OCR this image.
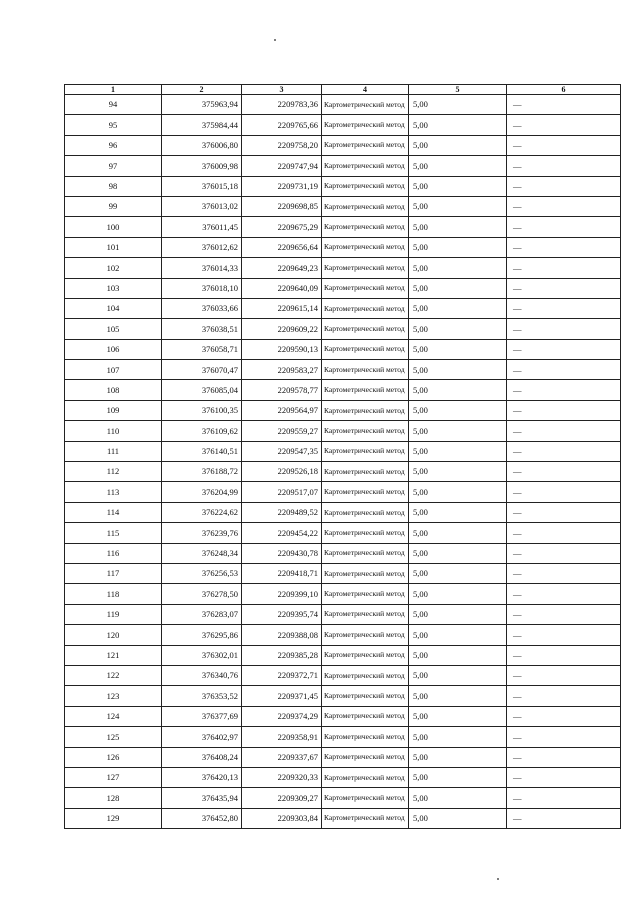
1	2	3	4	5	6
94	375963,94	2209783,36	Картометрический метод	5,00	—
95	375984,44	2209765,66	Картометрический метод	5,00	—
96	376006,80	2209758,20	Картометрический метод	5,00	—
97	376009,98	2209747,94	Картометрический метод	5,00	—
98	376015,18	2209731,19	Картометрический метод	5,00	—
99	376013,02	2209698,85	Картометрический метод	5,00	—
100	376011,45	2209675,29	Картометрический метод	5,00	—
101	376012,62	2209656,64	Картометрический метод	5,00	—
102	376014,33	2209649,23	Картометрический метод	5,00	—
103	376018,10	2209640,09	Картометрический метод	5,00	—
104	376033,66	2209615,14	Картометрический метод	5,00	—
105	376038,51	2209609,22	Картометрический метод	5,00	—
106	376058,71	2209590,13	Картометрический метод	5,00	—
107	376070,47	2209583,27	Картометрический метод	5,00	—
108	376085,04	2209578,77	Картометрический метод	5,00	—
109	376100,35	2209564,97	Картометрический метод	5,00	—
110	376109,62	2209559,27	Картометрический метод	5,00	—
111	376140,51	2209547,35	Картометрический метод	5,00	—
112	376188,72	2209526,18	Картометрический метод	5,00	—
113	376204,99	2209517,07	Картометрический метод	5,00	—
114	376224,62	2209489,52	Картометрический метод	5,00	—
115	376239,76	2209454,22	Картометрический метод	5,00	—
116	376248,34	2209430,78	Картометрический метод	5,00	—
117	376256,53	2209418,71	Картометрический метод	5,00	—
118	376278,50	2209399,10	Картометрический метод	5,00	—
119	376283,07	2209395,74	Картометрический метод	5,00	—
120	376295,86	2209388,08	Картометрический метод	5,00	—
121	376302,01	2209385,28	Картометрический метод	5,00	—
122	376340,76	2209372,71	Картометрический метод	5,00	—
123	376353,52	2209371,45	Картометрический метод	5,00	—
124	376377,69	2209374,29	Картометрический метод	5,00	—
125	376402,97	2209358,91	Картометрический метод	5,00	—
126	376408,24	2209337,67	Картометрический метод	5,00	—
127	376420,13	2209320,33	Картометрический метод	5,00	—
128	376435,94	2209309,27	Картометрический метод	5,00	—
129	376452,80	2209303,84	Картометрический метод	5,00	—
